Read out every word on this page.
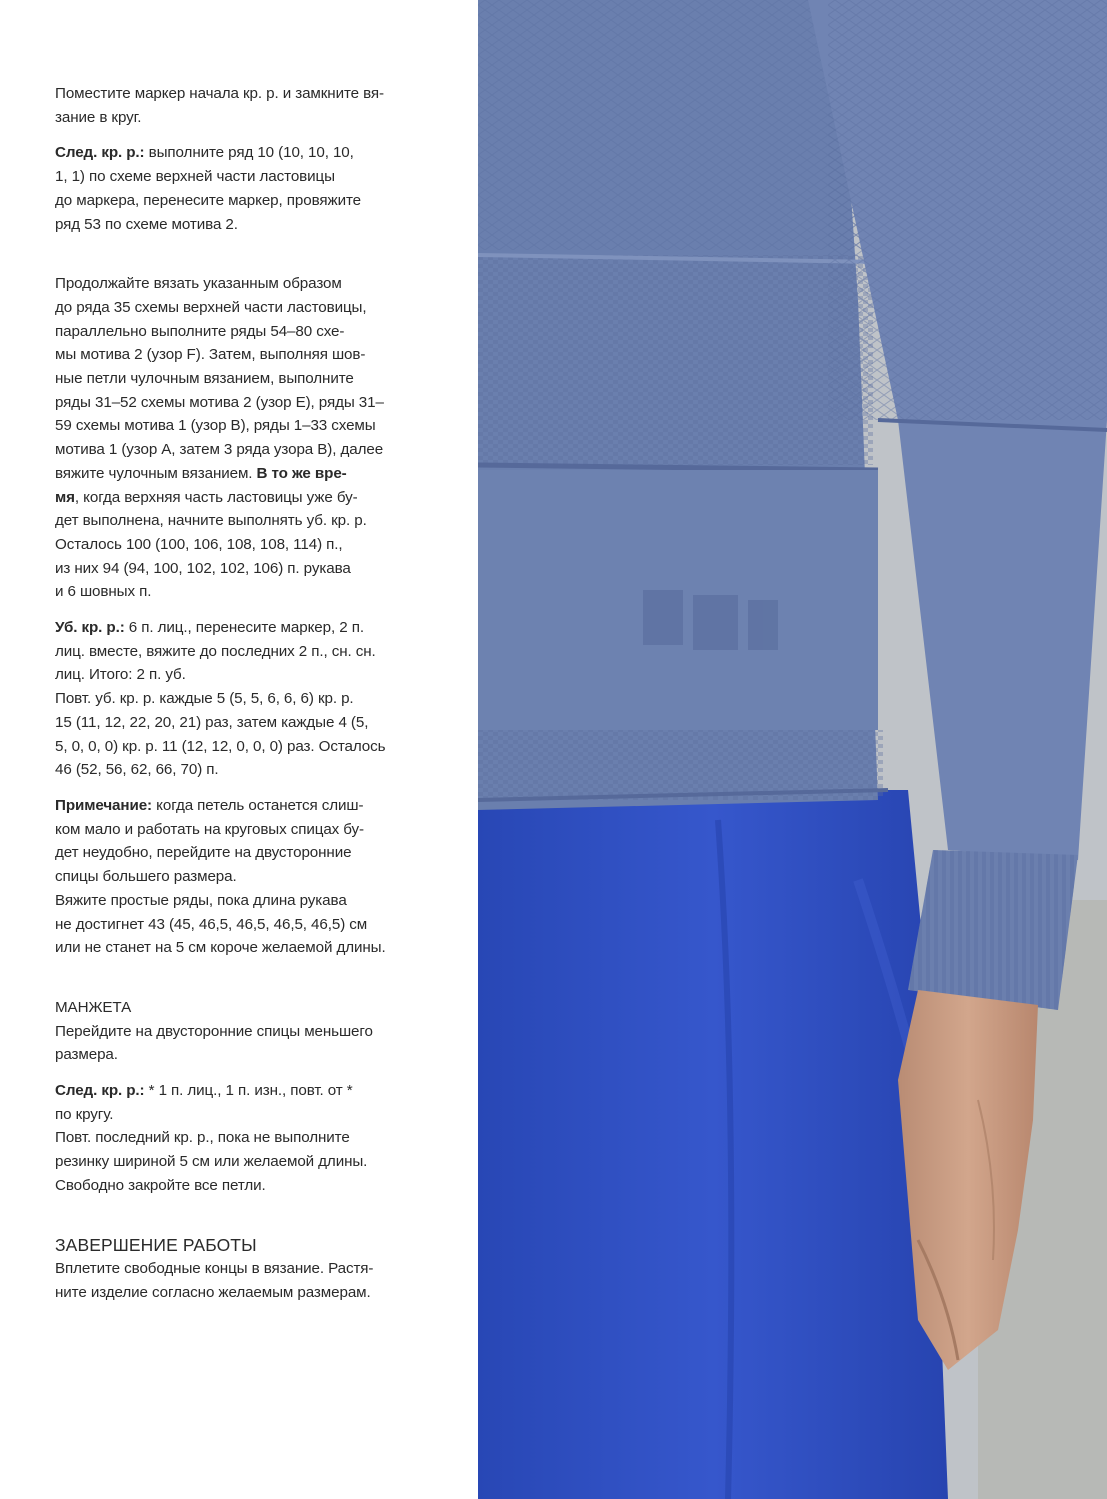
Поместите маркер начала кр. р. и замкните вя-
зание в круг.

След. кр. р.: выполните ряд 10 (10, 10, 10,
1, 1) по схеме верхней части ластовицы
до маркера, перенесите маркер, провяжите
ряд 53 по схеме мотива 2.

Продолжайте вязать указанным образом
до ряда 35 схемы верхней части ластовицы,
параллельно выполните ряды 54–80 схе-
мы мотива 2 (узор F). Затем, выполняя шов-
ные петли чулочным вязанием, выполните
ряды 31–52 схемы мотива 2 (узор E), ряды 31–
59 схемы мотива 1 (узор B), ряды 1–33 схемы
мотива 1 (узор A, затем 3 ряда узора B), далее
вяжите чулочным вязанием. В то же вре-
мя, когда верхняя часть ластовицы уже бу-
дет выполнена, начните выполнять уб. кр. р.
Осталось 100 (100, 106, 108, 108, 114) п.,
из них 94 (94, 100, 102, 102, 106) п. рукава
и 6 шовных п.

Уб. кр. р.: 6 п. лиц., перенесите маркер, 2 п.
лиц. вместе, вяжите до последних 2 п., сн. сн.
лиц. Итого: 2 п. уб.
Повт. уб. кр. р. каждые 5 (5, 5, 6, 6, 6) кр. р.
15 (11, 12, 22, 20, 21) раз, затем каждые 4 (5,
5, 0, 0, 0) кр. р. 11 (12, 12, 0, 0, 0) раз. Осталось
46 (52, 56, 62, 66, 70) п.

Примечание: когда петель останется слиш-
ком мало и работать на круговых спицах бу-
дет неудобно, перейдите на двусторонние
спицы большего размера.
Вяжите простые ряды, пока длина рукава
не достигнет 43 (45, 46,5, 46,5, 46,5, 46,5) см
или не станет на 5 см короче желаемой длины.

МАНЖЕТА

Перейдите на двусторонние спицы меньшего
размера.

След. кр. р.: * 1 п. лиц., 1 п. изн., повт. от *
по кругу.
Повт. последний кр. р., пока не выполните
резинку шириной 5 см или желаемой длины.
Свободно закройте все петли.

ЗАВЕРШЕНИЕ РАБОТЫ

Вплетите свободные концы в вязание. Растя-
ните изделие согласно желаемым размерам.
